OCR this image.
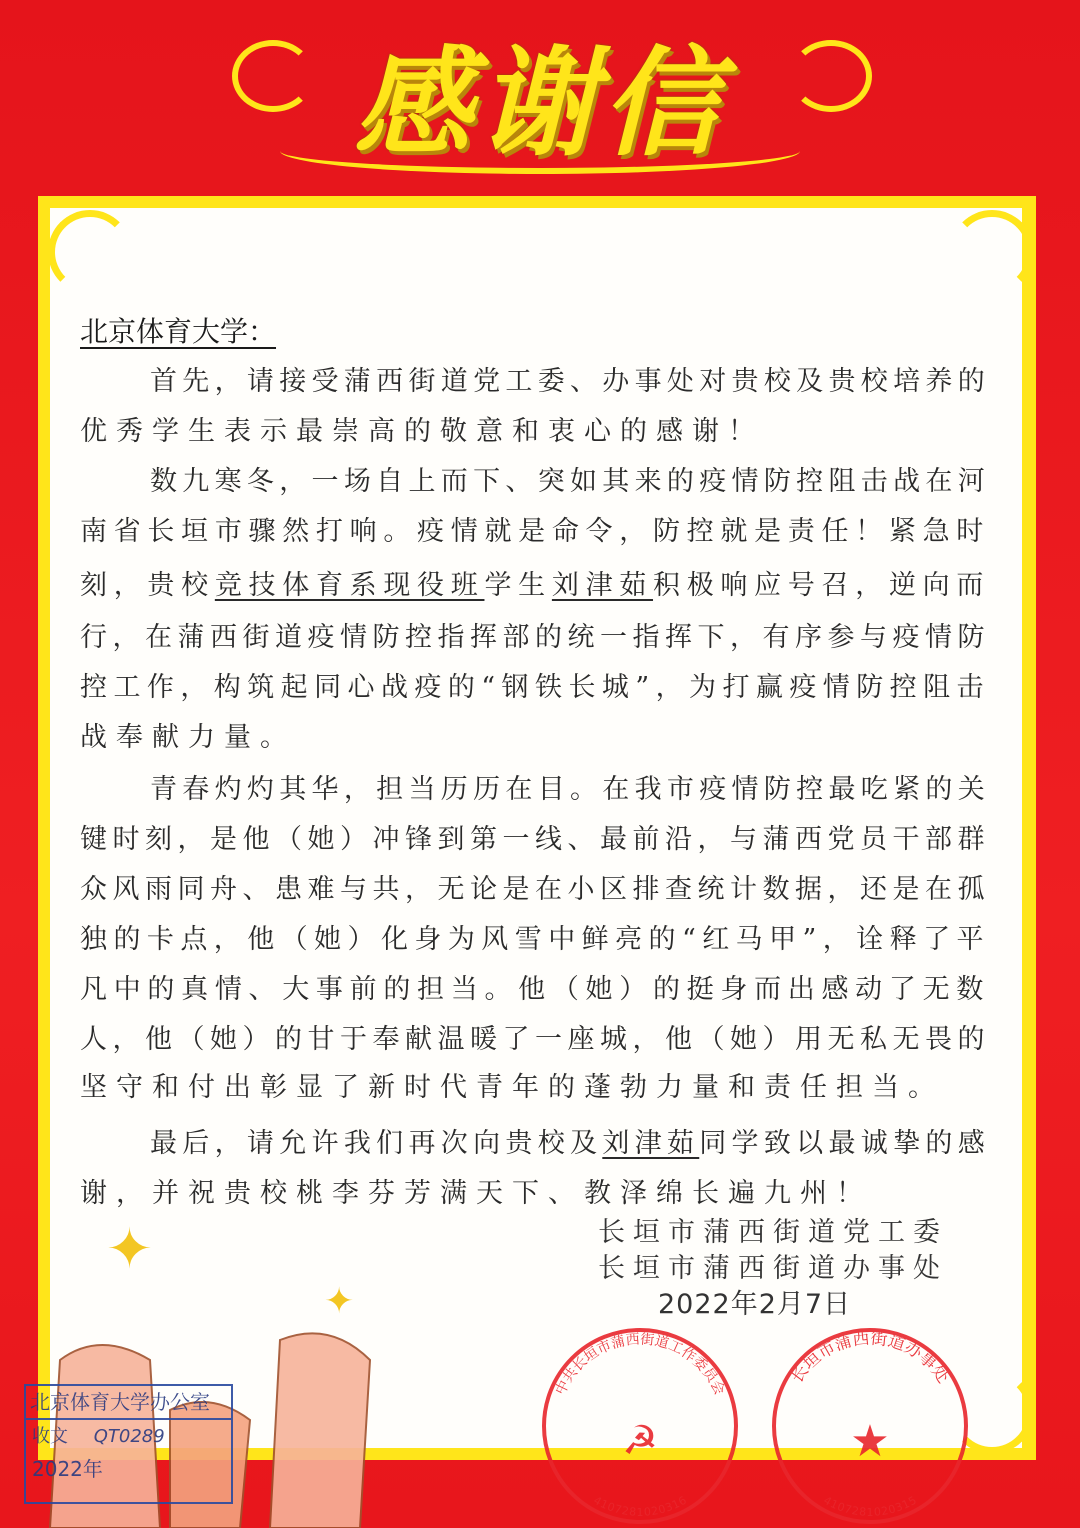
感谢信
北京体育大学：
首先，请接受蒲西街道党工委、办事处对贵校及贵校培养的
优秀学生表示最崇高的敬意和衷心的感谢！
数九寒冬，一场自上而下、突如其来的疫情防控阻击战在河
南省长垣市骤然打响。疫情就是命令，防控就是责任！紧急时
刻，贵校竞技体育系现役班学生刘津茹积极响应号召，逆向而
行，在蒲西街道疫情防控指挥部的统一指挥下，有序参与疫情防
控工作，构筑起同心战疫的“钢铁长城”，为打赢疫情防控阻击
战奉献力量。
青春灼灼其华，担当历历在目。在我市疫情防控最吃紧的关
键时刻，是他（她）冲锋到第一线、最前沿，与蒲西党员干部群
众风雨同舟、患难与共，无论是在小区排查统计数据，还是在孤
独的卡点，他（她）化身为风雪中鲜亮的“红马甲”，诠释了平
凡中的真情、大事前的担当。他（她）的挺身而出感动了无数
人，他（她）的甘于奉献温暖了一座城，他（她）用无私无畏的
坚守和付出彰显了新时代青年的蓬勃力量和责任担当。
最后，请允许我们再次向贵校及刘津茹同学致以最诚挚的感
谢，并祝贵校桃李芬芳满天下、教泽绵长遍九州！
长垣市蒲西街道党工委
长垣市蒲西街道办事处
2022年2月7日
中共长垣市蒲西街道工作委员会
☭
4107281020316
长垣市蒲西街道办事处
★
4107281020315
✦
✦
北京体育大学办公室
收文 QT0289
2022年
